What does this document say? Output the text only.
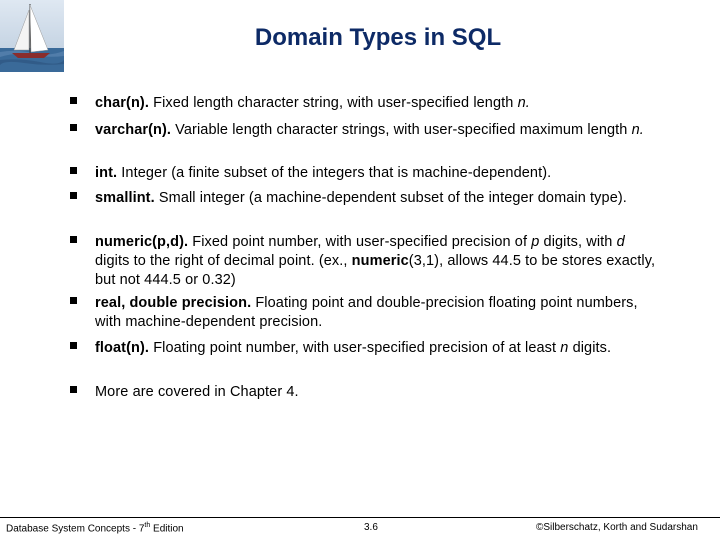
Domain Types in SQL
char(n). Fixed length character string, with user-specified length n.
varchar(n). Variable length character strings, with user-specified maximum length n.
int. Integer (a finite subset of the integers that is machine-dependent).
smallint. Small integer (a machine-dependent subset of the integer domain type).
numeric(p,d). Fixed point number, with user-specified precision of p digits, with d digits to the right of decimal point. (ex., numeric(3,1), allows 44.5 to be stores exactly, but not 444.5 or 0.32)
real, double precision. Floating point and double-precision floating point numbers, with machine-dependent precision.
float(n). Floating point number, with user-specified precision of at least n digits.
More are covered in Chapter 4.
Database System Concepts - 7th Edition	3.6	©Silberschatz, Korth and Sudarshan
